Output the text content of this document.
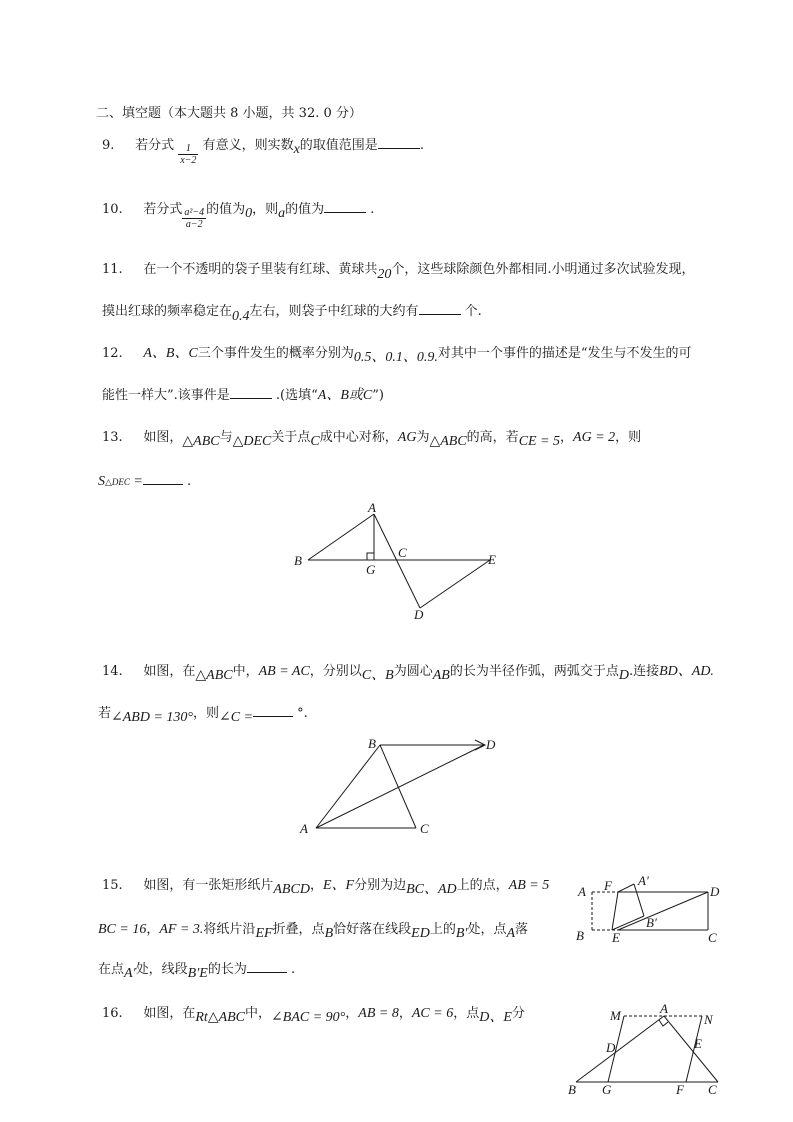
二、填空题（本大题共 8 小题，共 32. 0 分）
9. 若分式 $\frac{1}{x-2}$ 有意义，则实数x的取值范围是	.
10. 若分式 $\frac{\text{a²−4}}{a-2}$ 的值为0，则a的值为	.
11. 在一个不透明的袋子里装有红球、黄球共20个，这些球除颜色外都相同.小明通过多次试验发现，
摸出红球的频率稳定在0.4左右，则袋子中红球的大约有	个.
12. A、B、C三个事件发生的概率分别为0.5、0.1、0.9.对其中一个事件的描述是“发生与不发生的可
能性一样大”.该事件是	.(选填“A、B或C”)
13. 如图，△ABC与△DEC关于点C成中心对称，AG为△ABC的高，若CE = 5，AG = 2，则
S△DEC =	.
A
B
C
D
E
G
14. 如图，在△ABC中，AB = AC，分别以C、B为圆心AB的长为半径作弧，两弧交于点D.连接BD、AD.
若∠ABD = 130°，则∠C =	°.
A
B
C
D
15. 如图，有一张矩形纸片ABCD，E、F分别为边BC、AD上的点，AB = 5
BC = 16，AF = 3.将纸片沿EF折叠，点B恰好落在线段ED上的B′处，点A落
在点A′处，线段B′E的长为	.
A F A′
D
B′
B E	C
16. 如图，在Rt△ABC中，∠BAC = 90°，AB = 8，AC = 6，点D、E分	M	A
N
D	E
B G	F C
